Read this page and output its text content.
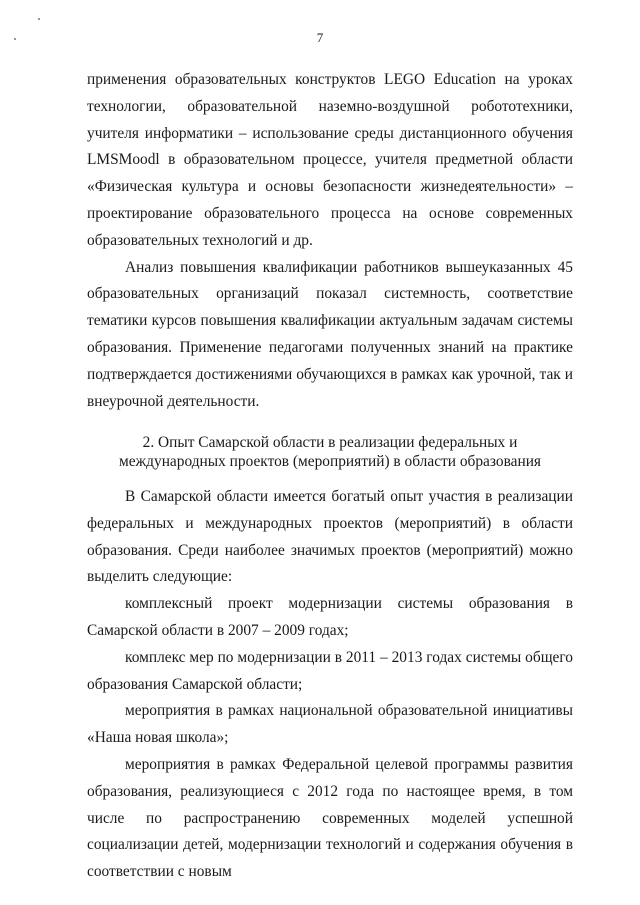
7

применения образовательных конструктов LEGO Education на уроках технологии, образовательной наземно-воздушной робототехники, учителя информатики – использование среды дистанционного обучения LMSMoodl в образовательном процессе, учителя предметной области «Физическая культура и основы безопасности жизнедеятельности» – проектирование образовательного процесса на основе современных образовательных технологий и др.

Анализ повышения квалификации работников вышеуказанных 45 образовательных организаций показал системность, соответствие тематики курсов повышения квалификации актуальным задачам системы образования. Применение педагогами полученных знаний на практике подтверждается достижениями обучающихся в рамках как урочной, так и внеурочной деятельности.

2. Опыт Самарской области в реализации федеральных и
международных проектов (мероприятий) в области образования

В Самарской области имеется богатый опыт участия в реализации федеральных и международных проектов (мероприятий) в области образования. Среди наиболее значимых проектов (мероприятий) можно выделить следующие:

комплексный проект модернизации системы образования в Самарской области в 2007 – 2009 годах;

комплекс мер по модернизации в 2011 – 2013 годах системы общего образования Самарской области;

мероприятия в рамках национальной образовательной инициативы «Наша новая школа»;

мероприятия в рамках Федеральной целевой программы развития образования, реализующиеся с 2012 года по настоящее время, в том числе по распространению современных моделей успешной социализации детей, модернизации технологий и содержания обучения в соответствии с новым
